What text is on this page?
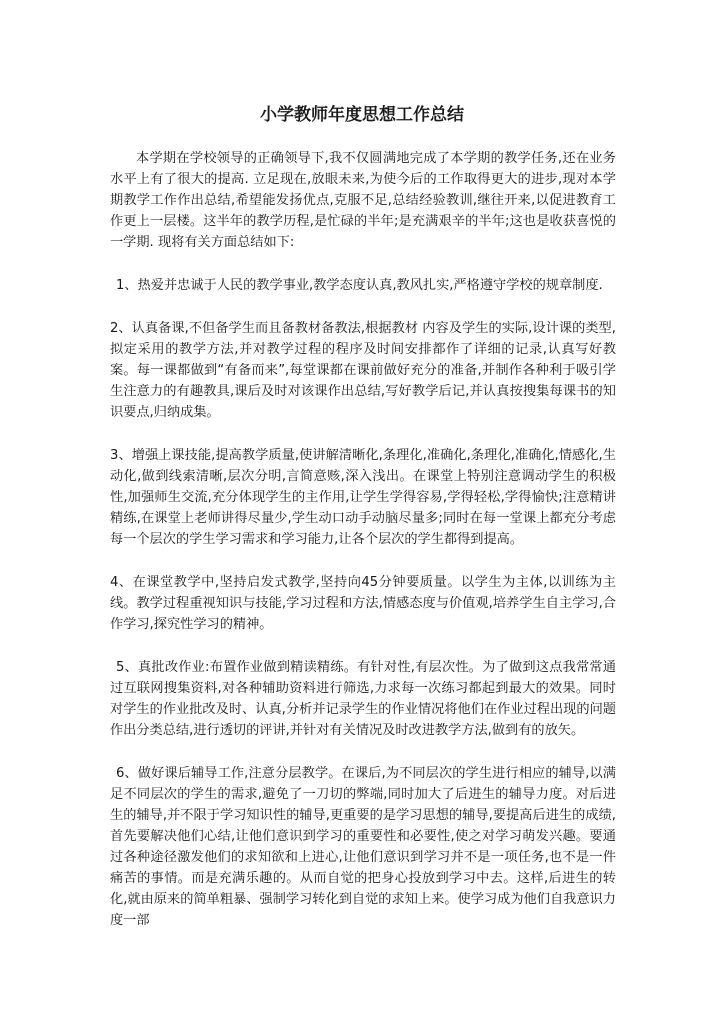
小学教师年度思想工作总结

本学期在学校领导的正确领导下,我不仅圆满地完成了本学期的教学任务,还在业务水平上有了很大的提高. 立足现在,放眼未来,为使今后的工作取得更大的进步,现对本学期教学工作作出总结,希望能发扬优点,克服不足,总结经验教训,继往开来,以促进教育工作更上一层楼。这半年的教学历程,是忙碌的半年;是充满艰辛的半年;这也是收获喜悦的一学期. 现将有关方面总结如下:

1、热爱并忠诚于人民的教学事业,教学态度认真,教风扎实,严格遵守学校的规章制度.

2、认真备课,不但备学生而且备教材备教法,根据教材 内容及学生的实际,设计课的类型,拟定采用的教学方法,并对教学过程的程序及时间安排都作了详细的记录,认真写好教案。每一课都做到“有备而来”,每堂课都在课前做好充分的准备,并制作各种利于吸引学生注意力的有趣教具,课后及时对该课作出总结,写好教学后记,并认真按搜集每课书的知识要点,归纳成集。

3、增强上课技能,提高教学质量,使讲解清晰化,条理化,准确化,条理化,准确化,情感化,生动化,做到线索清晰,层次分明,言简意赅,深入浅出。在课堂上特别注意调动学生的积极性,加强师生交流,充分体现学生的主作用,让学生学得容易,学得轻松,学得愉快;注意精讲精练,在课堂上老师讲得尽量少,学生动口动手动脑尽量多;同时在每一堂课上都充分考虑每一个层次的学生学习需求和学习能力,让各个层次的学生都得到提高。

4、在课堂教学中,坚持启发式教学,坚持向45分钟要质量。以学生为主体,以训练为主线。教学过程重视知识与技能,学习过程和方法,情感态度与价值观,培养学生自主学习,合作学习,探究性学习的精神。

5、真批改作业:布置作业做到精读精练。有针对性,有层次性。为了做到这点我常常通过互联网搜集资料,对各种辅助资料进行筛选,力求每一次练习都起到最大的效果。同时对学生的作业批改及时、认真,分析并记录学生的作业情况将他们在作业过程出现的问题作出分类总结,进行透切的评讲,并针对有关情况及时改进教学方法,做到有的放矢。

6、做好课后辅导工作,注意分层教学。在课后,为不同层次的学生进行相应的辅导,以满足不同层次的学生的需求,避免了一刀切的弊端,同时加大了后进生的辅导力度。对后进生的辅导,并不限于学习知识性的辅导,更重要的是学习思想的辅导,要提高后进生的成绩,首先要解决他们心结,让他们意识到学习的重要性和必要性,使之对学习萌发兴趣。要通过各种途径激发他们的求知欲和上进心,让他们意识到学习并不是一项任务,也不是一件痛苦的事情。而是充满乐趣的。从而自觉的把身心投放到学习中去。这样,后进生的转化,就由原来的简单粗暴、强制学习转化到自觉的求知上来。使学习成为他们自我意识力度一部
